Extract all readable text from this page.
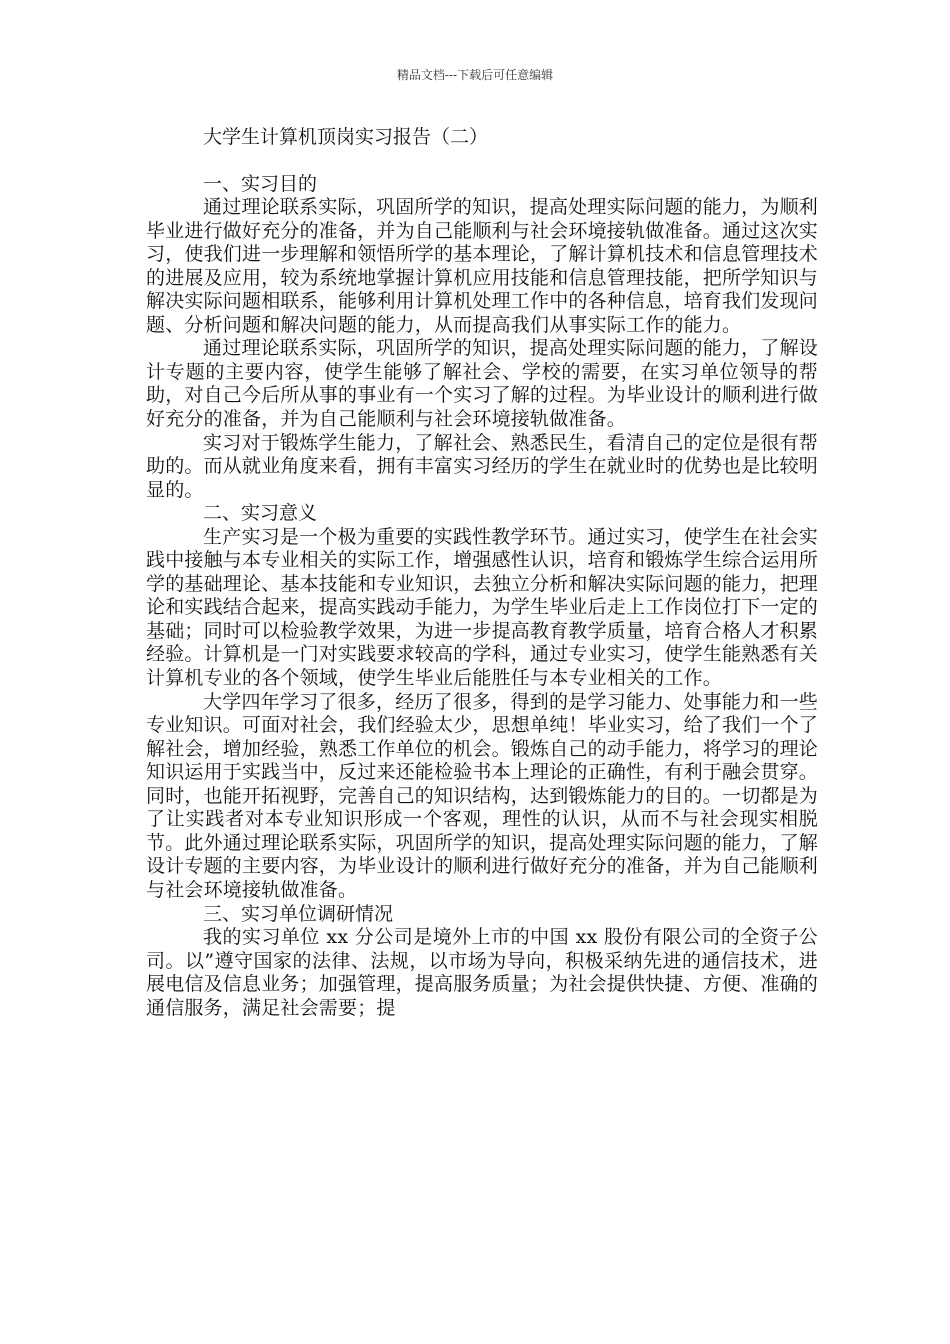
精品文档---下载后可任意编辑

大学生计算机顶岗实习报告（二）

一、实习目的

通过理论联系实际，巩固所学的知识，提高处理实际问题的能力，为顺利毕业进行做好充分的准备，并为自己能顺利与社会环境接轨做准备。通过这次实习，使我们进一步理解和领悟所学的基本理论，了解计算机技术和信息管理技术的进展及应用，较为系统地掌握计算机应用技能和信息管理技能，把所学知识与解决实际问题相联系，能够利用计算机处理工作中的各种信息，培育我们发现问题、分析问题和解决问题的能力，从而提高我们从事实际工作的能力。

通过理论联系实际，巩固所学的知识，提高处理实际问题的能力，了解设计专题的主要内容，使学生能够了解社会、学校的需要，在实习单位领导的帮助，对自己今后所从事的事业有一个实习了解的过程。为毕业设计的顺利进行做好充分的准备，并为自己能顺利与社会环境接轨做准备。

实习对于锻炼学生能力，了解社会、熟悉民生，看清自己的定位是很有帮助的。而从就业角度来看，拥有丰富实习经历的学生在就业时的优势也是比较明显的。

二、实习意义

生产实习是一个极为重要的实践性教学环节。通过实习，使学生在社会实践中接触与本专业相关的实际工作，增强感性认识，培育和锻炼学生综合运用所学的基础理论、基本技能和专业知识，去独立分析和解决实际问题的能力，把理论和实践结合起来，提高实践动手能力，为学生毕业后走上工作岗位打下一定的基础；同时可以检验教学效果，为进一步提高教育教学质量，培育合格人才积累经验。计算机是一门对实践要求较高的学科，通过专业实习，使学生能熟悉有关计算机专业的各个领域，使学生毕业后能胜任与本专业相关的工作。

大学四年学习了很多，经历了很多，得到的是学习能力、处事能力和一些专业知识。可面对社会，我们经验太少，思想单纯！毕业实习，给了我们一个了解社会，增加经验，熟悉工作单位的机会。锻炼自己的动手能力，将学习的理论知识运用于实践当中，反过来还能检验书本上理论的正确性，有利于融会贯穿。同时，也能开拓视野，完善自己的知识结构，达到锻炼能力的目的。一切都是为了让实践者对本专业知识形成一个客观，理性的认识，从而不与社会现实相脱节。此外通过理论联系实际，巩固所学的知识，提高处理实际问题的能力，了解设计专题的主要内容，为毕业设计的顺利进行做好充分的准备，并为自己能顺利与社会环境接轨做准备。

三、实习单位调研情况

我的实习单位 xx 分公司是境外上市的中国 xx 股份有限公司的全资子公司。以”遵守国家的法律、法规，以市场为导向，积极采纳先进的通信技术，进展电信及信息业务；加强管理，提高服务质量；为社会提供快捷、方便、准确的通信服务，满足社会需要；提
